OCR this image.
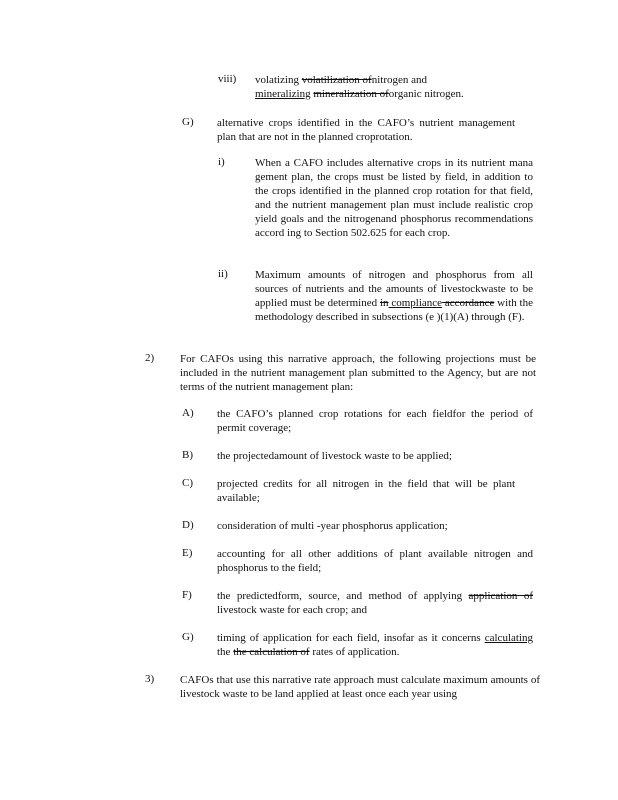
viii) volatizing volatilization ofnitrogen and
mineralizing mineralization oforganic nitrogen.
G) alternative crops identified in the CAFO’s nutrient management plan that are not in the planned croprotation.
i)	When a CAFO includes alternative crops in its nutrient mana gement plan, the crops must be listed by field, in addition to the crops identified in the planned crop rotation for that field, and the nutrient management plan must include realistic crop yield goals and the nitrogenand phosphorus recommendations accord ing to Section 502.625 for each crop.
ii) Maximum amounts of nitrogen and phosphorus from all sources of nutrients and the amounts of livestockwaste to be applied must be determined in compliance accordance with the methodology described in subsections (e )(1)(A) through (F).
2) For CAFOs using this narrative approach, the following projections must be included in the nutrient management plan submitted to the Agency, but are not terms of the nutrient management plan:
A) the CAFO’s planned crop rotations for each fieldfor the period of permit coverage;
B) the projectedamount of livestock waste to be applied;
C) projected credits for all nitrogen in the field that will be plant available;
D) consideration of multi -year phosphorus application;
E) accounting for all other additions of plant available nitrogen and phosphorus to the field;
F) the predictedform, source, and method of applying application of livestock waste for each crop; and
G) timing of application for each field, insofar as it concerns calculating the the calculation of rates of application.
3) CAFOs that use this narrative rate approach must calculate maximum amounts of livestock waste to be land applied at least once each year using
